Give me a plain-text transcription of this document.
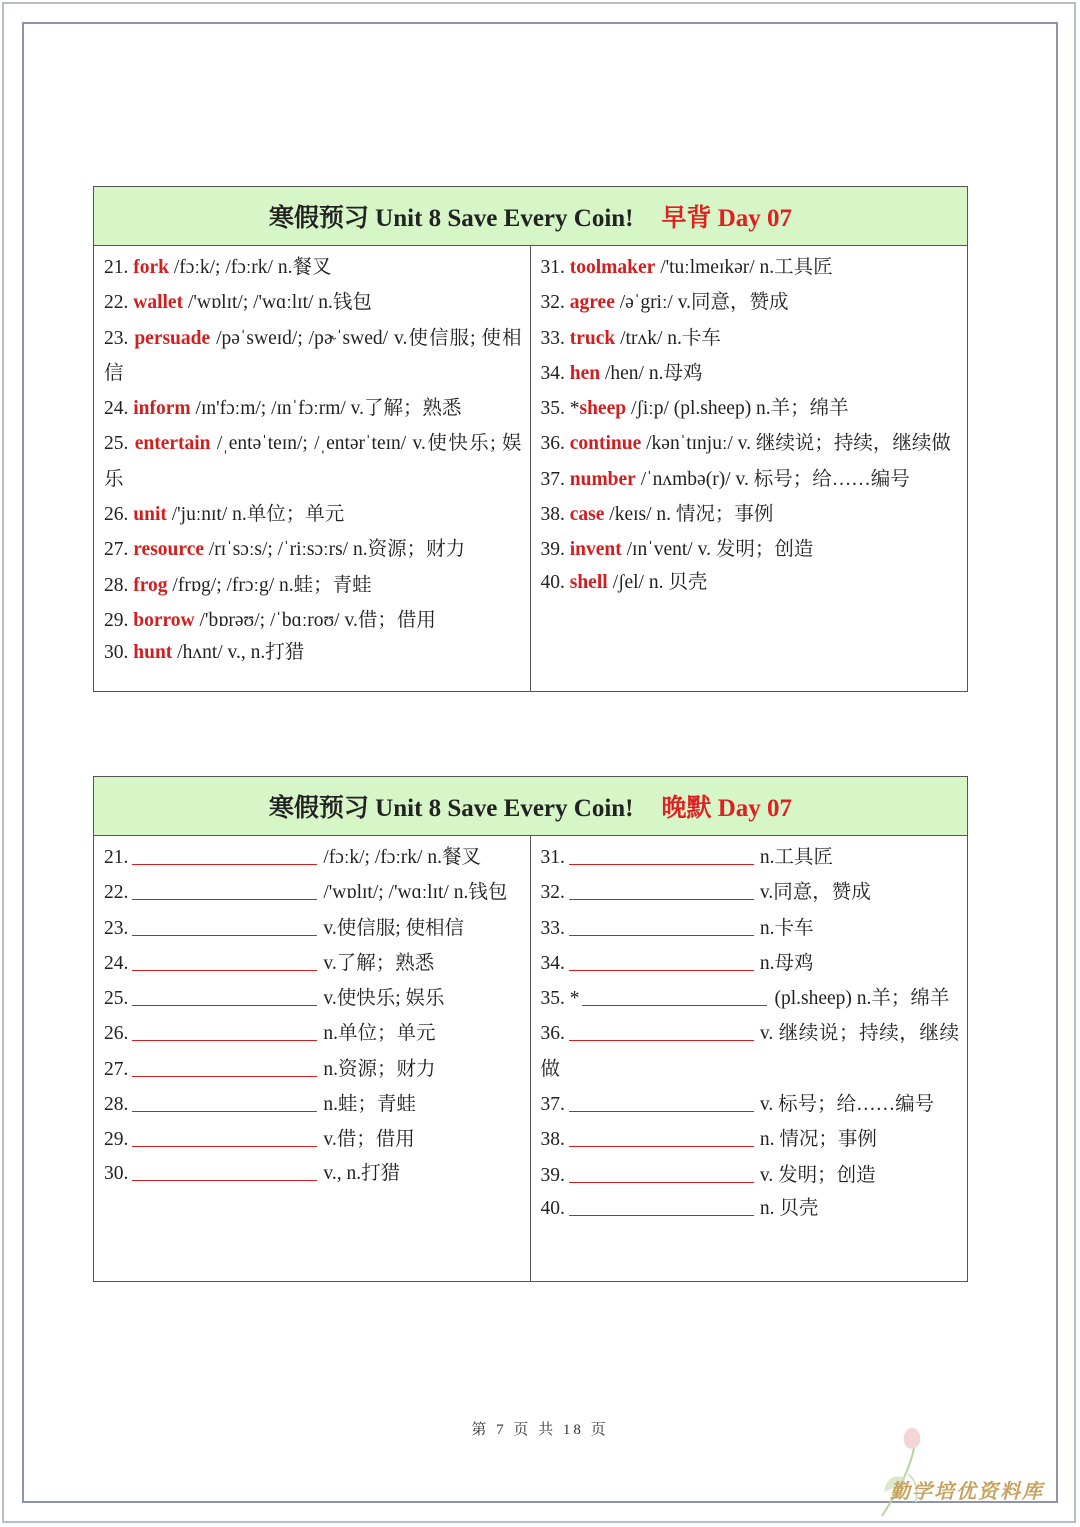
寒假预习 Unit 8 Save Every Coin! 早背 Day 07
21. fork /fɔːk/; /fɔːrk/ n.餐叉
22. wallet /'wɒlɪt/; /'wɑːlɪt/ n.钱包
23. persuade /pəˈsweɪd/; /pɚˈswed/ v.使信服; 使相信
24. inform /ɪn'fɔːm/; /ɪnˈfɔːrm/ v.了解；熟悉
25. entertain /ˌentəˈteɪn/; /ˌentərˈteɪn/ v.使快乐; 娱乐
26. unit /'juːnɪt/ n.单位；单元
27. resource /rɪˈsɔːs/; /ˈriːsɔːrs/ n.资源；财力
28. frog /frɒg/; /frɔːg/ n.蛙；青蛙
29. borrow /'bɒrəʊ/; /ˈbɑːroʊ/ v.借；借用
30. hunt /hʌnt/ v., n.打猎
31. toolmaker /'tuːlmeɪkər/ n.工具匠
32. agree /əˈgriː/ v.同意，赞成
33. truck /trʌk/ n.卡车
34. hen /hen/ n.母鸡
35. *sheep /ʃiːp/ (pl.sheep) n.羊；绵羊
36. continue /kənˈtɪnjuː/ v. 继续说；持续，继续做
37. number /ˈnʌmbə(r)/ v. 标号；给……编号
38. case /keɪs/ n. 情况；事例
39. invent /ɪnˈvent/ v. 发明；创造
40. shell /ʃel/ n. 贝壳
寒假预习 Unit 8 Save Every Coin! 晚默 Day 07
21.	/fɔːk/; /fɔːrk/ n.餐叉
22.	/'wɒlɪt/; /'wɑːlɪt/ n.钱包
23.	v.使信服; 使相信
24.	v.了解；熟悉
25.	v.使快乐; 娱乐
26.	n.单位；单元
27.	n.资源；财力
28.	n.蛙；青蛙
29.	v.借；借用
30.	v., n.打猎
31.	n.工具匠
32.	v.同意，赞成
33.	n.卡车
34.	n.母鸡
35. *	(pl.sheep) n.羊；绵羊
36.	v. 继续说；持续，继续做
37.	v. 标号；给……编号
38.	n. 情况；事例
39.	v. 发明；创造
40.	n. 贝壳
第 7 页 共 18 页
勤学培优资料库
